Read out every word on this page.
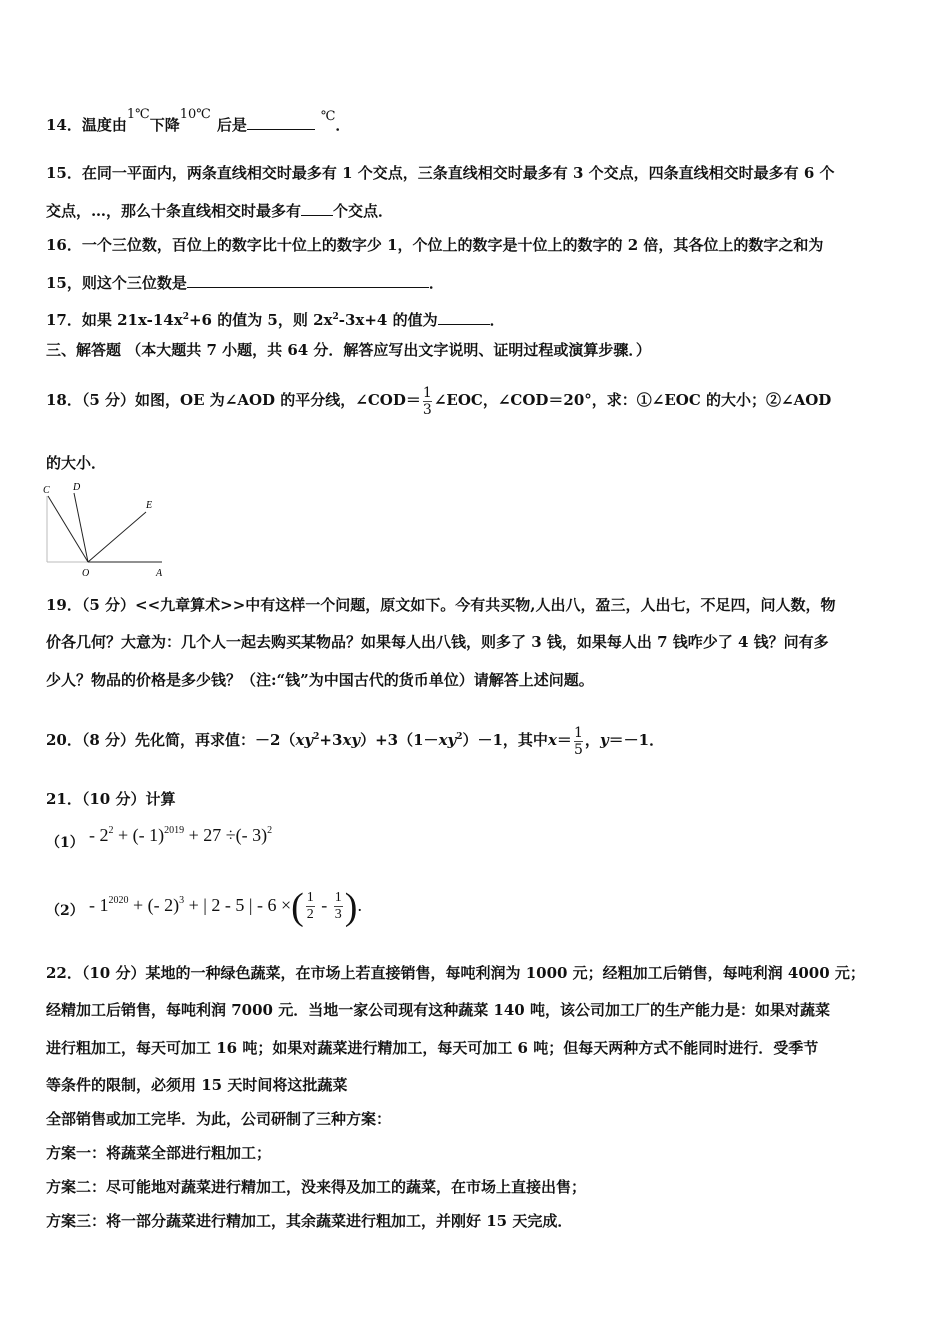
14．温度由1℃下降10℃后是	℃．
15．在同一平面内，两条直线相交时最多有 1 个交点，三条直线相交时最多有 3 个交点，四条直线相交时最多有 6 个
交点，…，那么十条直线相交时最多有 个交点．
16．一个三位数，百位上的数字比十位上的数字少 1，个位上的数字是十位上的数字的 2 倍，其各位上的数字之和为
15，则这个三位数是	．
17．如果 $21x-14x^2+6$ 的值为 5，则 $2x^2-3x+4$ 的值为	．
三、解答题 （本大题共 7 小题，共 64 分．解答应写出文字说明、证明过程或演算步骤．）
18．（5 分）如图，OE 为∠AOD 的平分线，∠COD＝ $\frac{1}{3}$ ∠EOC，∠COD＝20°，求：①∠EOC 的大小；②∠AOD
的大小．
C D
E
O	A
19．（5 分）<<九章算术>>中有这样一个问题，原文如下。今有共买物,人出八，盈三，人出七，不足四，问人数，物
价各几何？大意为：几个人一起去购买某物品？如果每人出八钱，则多了 3 钱，如果每人出 7 钱咋少了 4 钱？问有多
少人？物品的价格是多少钱？（注:“钱”为中国古代的货币单位）请解答上述问题。
20．（8 分）先化简，再求值：$-2(xy^2+3xy)+3(1-xy^2)-1$，其中$x= \frac{1}{5}$ ，y＝－1．
21．（10 分）计算
$(1) - 2^2$ + (- 1)$^{2019}$ + 27 ÷(- 3)$^2$
$(2) - 1^{2020}$ + (- 2)$^3$ + | 2 - 5 | - 6 ×( $\frac{1}{2} - \frac{1}{3}$ ).
22．（10 分）某地的一种绿色蔬菜，在市场上若直接销售，每吨利润为 1000 元；经粗加工后销售，每吨利润 4000 元；
经精加工后销售，每吨利润 7000 元．当地一家公司现有这种蔬菜 140 吨，该公司加工厂的生产能力是：如果对蔬菜
进行粗加工，每天可加工 16 吨；如果对蔬菜进行精加工，每天可加工 6 吨；但每天两种方式不能同时进行．受季节
等条件的限制，必须用 15 天时间将这批蔬菜
全部销售或加工完毕．为此，公司研制了三种方案：
方案一：将蔬菜全部进行粗加工；
方案二：尽可能地对蔬菜进行精加工，没来得及加工的蔬菜，在市场上直接出售；
方案三：将一部分蔬菜进行精加工，其余蔬菜进行粗加工，并刚好 15 天完成．
